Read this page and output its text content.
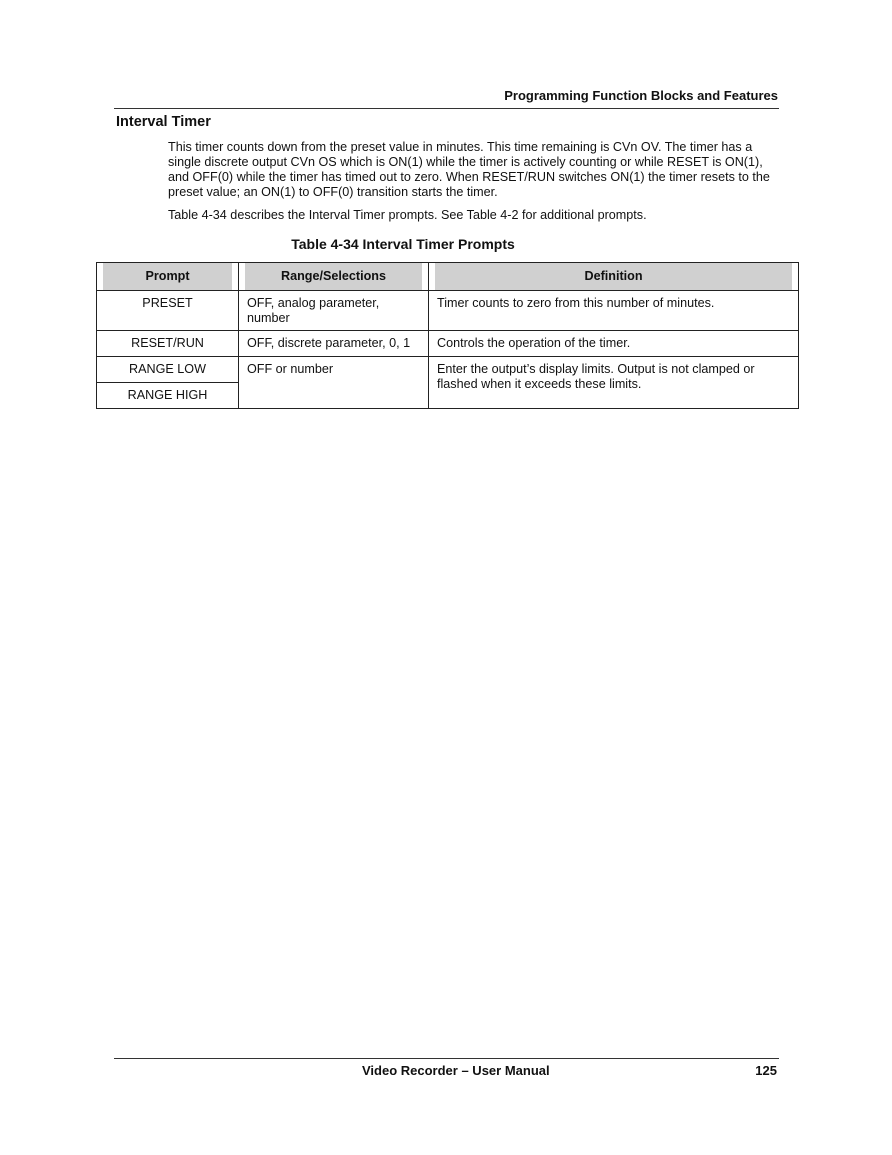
Programming Function Blocks and Features
Interval Timer
This timer counts down from the preset value in minutes. This time remaining is CVn OV. The timer has a single discrete output CVn OS which is ON(1) while the timer is actively counting or while RESET is ON(1), and OFF(0) while the timer has timed out to zero. When RESET/RUN switches ON(1) the timer resets to the preset value; an ON(1) to OFF(0) transition starts the timer.
Table 4-34 describes the Interval Timer prompts. See Table 4-2 for additional prompts.
Table 4-34 Interval Timer Prompts
Prompt	Range/Selections	Definition

PRESET	OFF, analog parameter, number	Timer counts to zero from this number of minutes.
RESET/RUN	OFF, discrete parameter, 0, 1	Controls the operation of the timer.
RANGE LOW	OFF or number	Enter the output’s display limits. Output is not clamped or flashed when it exceeds these limits.
RANGE HIGH		
Video Recorder – User Manual	125
